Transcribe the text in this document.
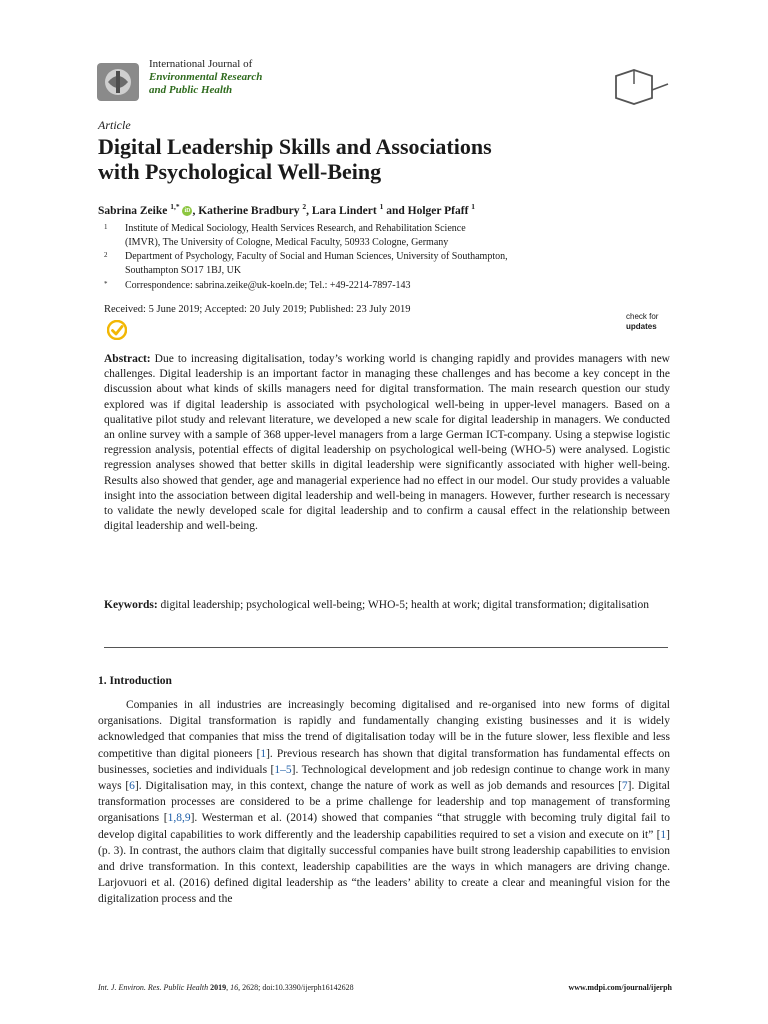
International Journal of
Environmental Research
and Public Health
Article
Digital Leadership Skills and Associations
with Psychological Well-Being
Sabrina Zeike $^{1,*}$ iD , Katherine Bradbury $^2$, Lara Lindert $^1$ and Holger Pfaff $^1$
1 Institute of Medical Sociology, Health Services Research, and Rehabilitation Science
(IMVR), The University of Cologne, Medical Faculty, 50933 Cologne, Germany
2 Department of Psychology, Faculty of Social and Human Sciences, University of Southampton,
Southampton SO17 1BJ, UK
* Correspondence: sabrina.zeike@uk-koeln.de; Tel.: +49-2214-7897-143
Received: 5 June 2019; Accepted: 20 July 2019; Published: 23 July 2019
check for
updates

Abstract: Due to increasing digitalisation, today’s working world is changing rapidly and provides managers with new challenges. Digital leadership is an important factor in managing these challenges and has become a key concept in the discussion about what kinds of skills managers need for digital transformation. The main research question our study explored was if digital leadership is associated with psychological well-being in upper-level managers. Based on a qualitative pilot study and relevant literature, we developed a new scale for digital leadership in managers. We conducted an online survey with a sample of 368 upper-level managers from a large German ICT-company. Using a stepwise logistic regression analysis, potential effects of digital leadership on psychological well-being (WHO-5) were analysed. Logistic regression analyses showed that better skills in digital leadership were significantly associated with higher well-being. Results also showed that gender, age and managerial experience had no effect in our model. Our study provides a valuable insight into the association between digital leadership and well-being in managers. However, further research is necessary to validate the newly developed scale for digital leadership and to confirm a causal effect in the relationship between digital leadership and well-being.

Keywords: digital leadership; psychological well-being; WHO-5; health at work; digital transformation; digitalisation

1. Introduction

Companies in all industries are increasingly becoming digitalised and re-organised into new forms of digital organisations. Digital transformation is rapidly and fundamentally changing existing businesses and it is widely acknowledged that companies that miss the trend of digitalisation today will be in the future slower, less flexible and less competitive than digital pioneers [1]. Previous research has shown that digital transformation has fundamental effects on businesses, societies and individuals [1–5]. Technological development and job redesign continue to change work in many ways [6]. Digitalisation may, in this context, change the nature of work as well as job demands and resources [7]. Digital transformation processes are considered to be a prime challenge for leadership and top management of transforming organisations [1,8,9]. Westerman et al. (2014) showed that companies “that struggle with becoming truly digital fail to develop digital capabilities to work differently and the leadership capabilities required to set a vision and execute on it” [1] (p. 3). In contrast, the authors claim that digitally successful companies have built strong leadership capabilities to envision and drive transformation. In this context, leadership capabilities are the ways in which managers are driving change. Larjovuori et al. (2016) defined digital leadership as “the leaders’ ability to create a clear and meaningful vision for the digitalization process and the

Int. J. Environ. Res. Public Health 2019, 16, 2628; doi:10.3390/ijerph16142628	www.mdpi.com/journal/ijerph
